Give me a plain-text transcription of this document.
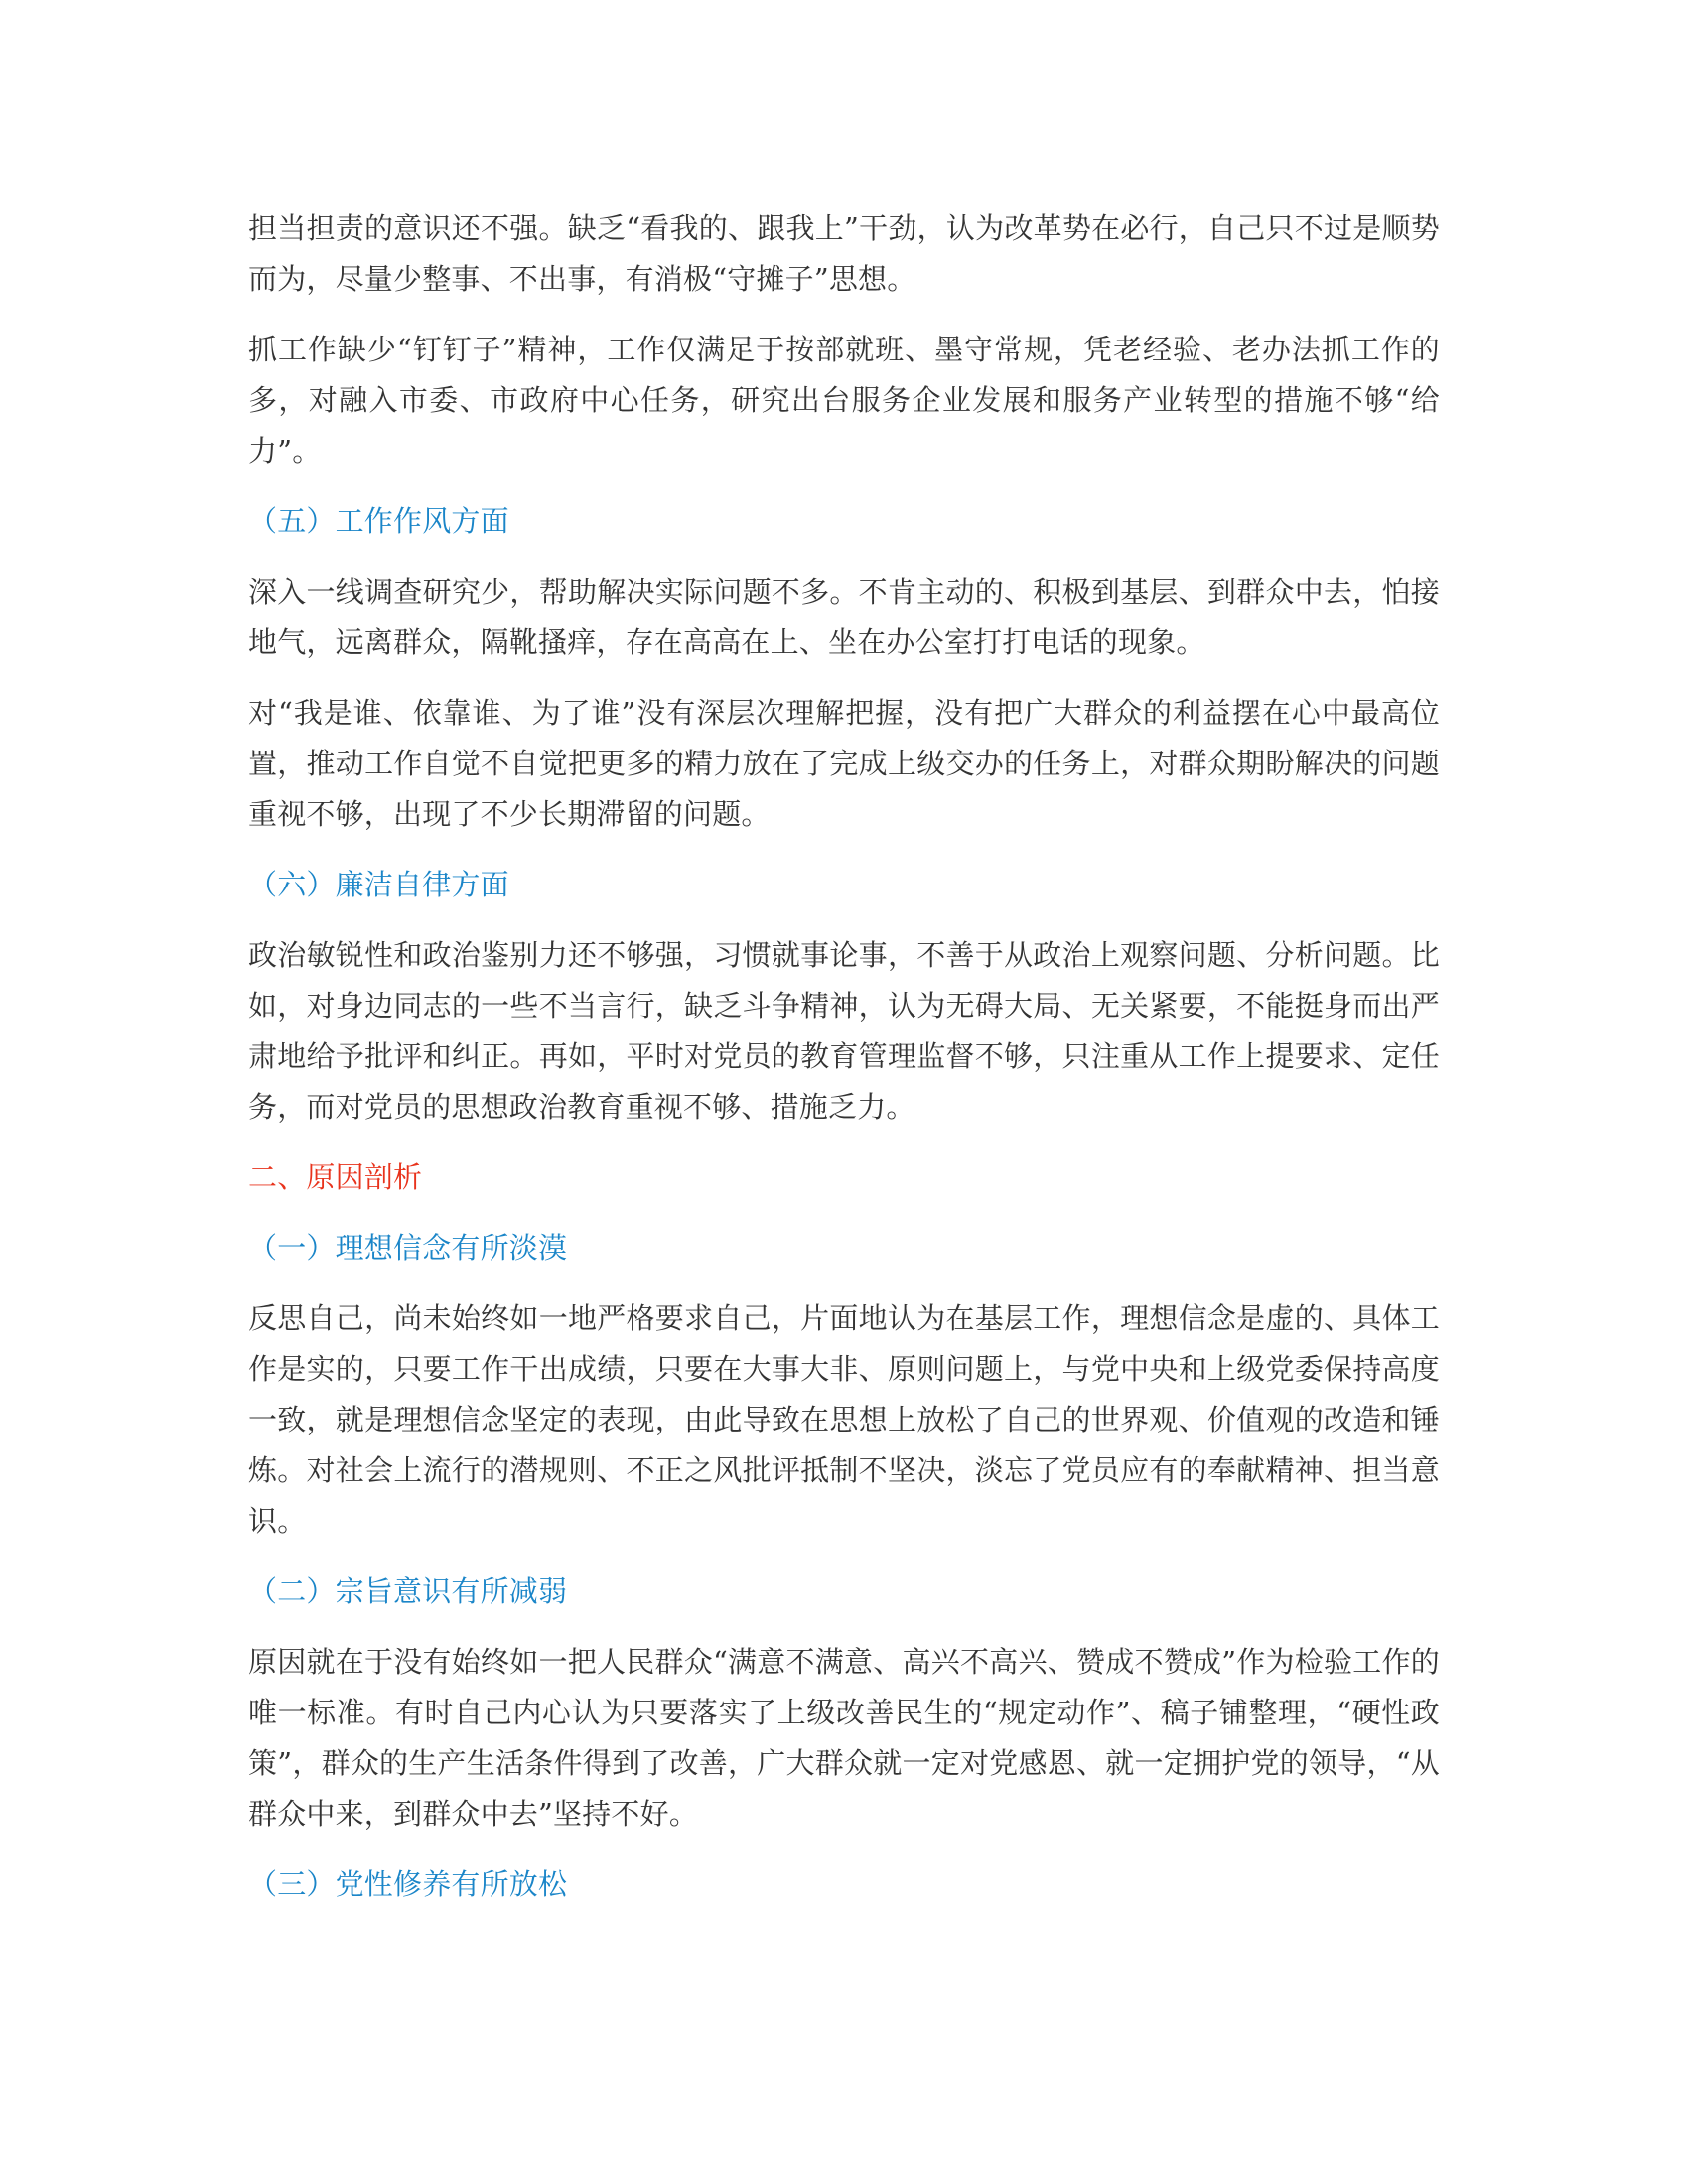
担当担责的意识还不强。缺乏“看我的、跟我上”干劲，认为改革势在必行，自己只不过是顺势而为，尽量少整事、不出事，有消极“守摊子”思想。

抓工作缺少“钉钉子”精神，工作仅满足于按部就班、墨守常规，凭老经验、老办法抓工作的多，对融入市委、市政府中心任务，研究出台服务企业发展和服务产业转型的措施不够“给力”。

（五）工作作风方面

深入一线调查研究少，帮助解决实际问题不多。不肯主动的、积极到基层、到群众中去，怕接地气，远离群众，隔靴搔痒，存在高高在上、坐在办公室打打电话的现象。

对“我是谁、依靠谁、为了谁”没有深层次理解把握，没有把广大群众的利益摆在心中最高位置，推动工作自觉不自觉把更多的精力放在了完成上级交办的任务上，对群众期盼解决的问题重视不够，出现了不少长期滞留的问题。

（六）廉洁自律方面

政治敏锐性和政治鉴别力还不够强，习惯就事论事，不善于从政治上观察问题、分析问题。比如，对身边同志的一些不当言行，缺乏斗争精神，认为无碍大局、无关紧要，不能挺身而出严肃地给予批评和纠正。再如，平时对党员的教育管理监督不够，只注重从工作上提要求、定任务，而对党员的思想政治教育重视不够、措施乏力。

二、原因剖析

（一）理想信念有所淡漠

反思自己，尚未始终如一地严格要求自己，片面地认为在基层工作，理想信念是虚的、具体工作是实的，只要工作干出成绩，只要在大事大非、原则问题上，与党中央和上级党委保持高度一致，就是理想信念坚定的表现，由此导致在思想上放松了自己的世界观、价值观的改造和锤炼。对社会上流行的潜规则、不正之风批评抵制不坚决，淡忘了党员应有的奉献精神、担当意识。

（二）宗旨意识有所减弱

原因就在于没有始终如一把人民群众“满意不满意、高兴不高兴、赞成不赞成”作为检验工作的唯一标准。有时自己内心认为只要落实了上级改善民生的“规定动作”、稿子铺整理，“硬性政策”，群众的生产生活条件得到了改善，广大群众就一定对党感恩、就一定拥护党的领导，“从群众中来，到群众中去”坚持不好。

（三）党性修养有所放松
